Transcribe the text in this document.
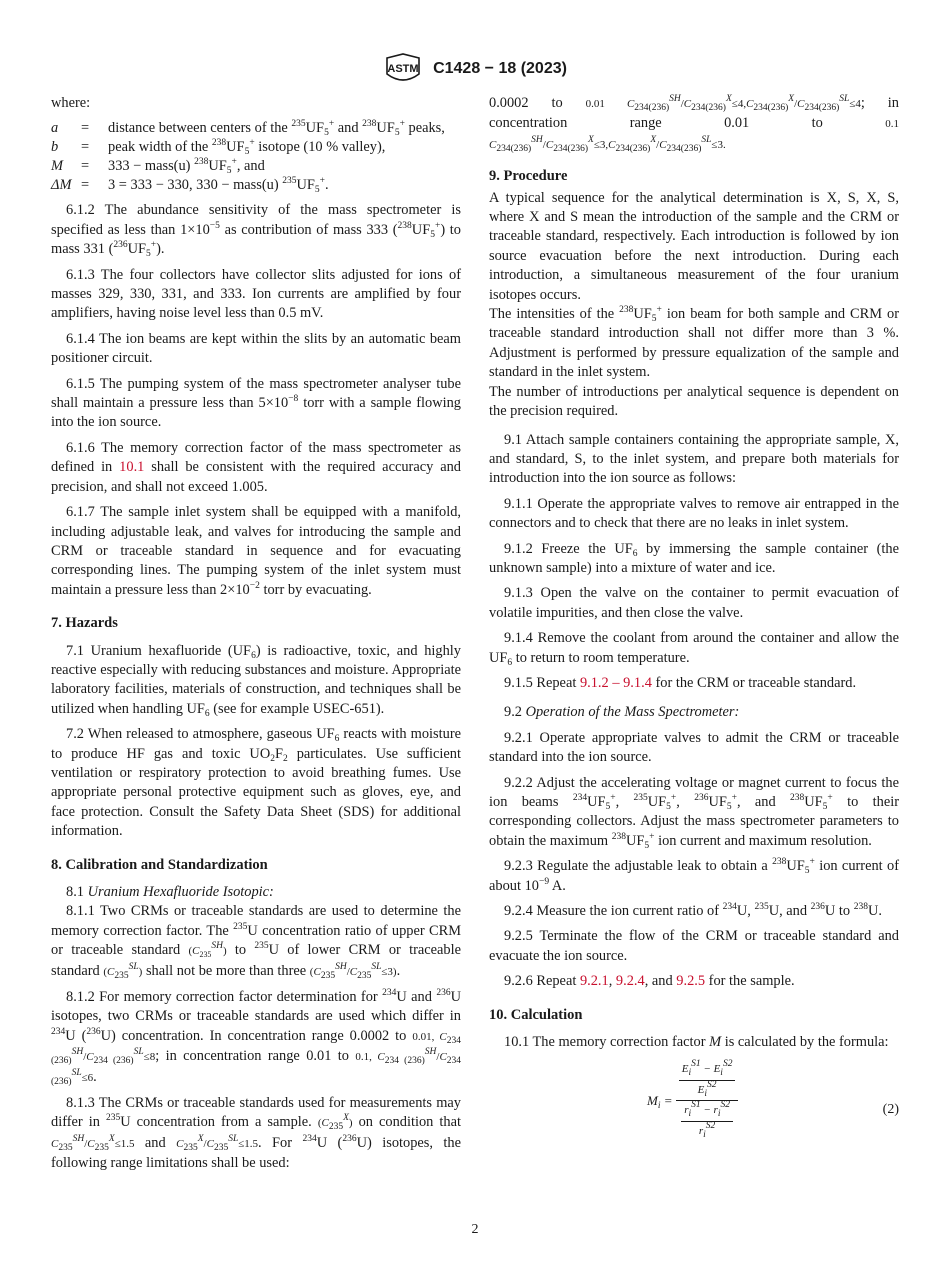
ASTM C1428 − 18 (2023)

where:

a	=	distance between centers of the $^{235}UF_5^+$ and $^{238}UF_5^+$ peaks,
b	=	peak width of the $^{238}UF_5^+$ isotope (10 % valley),
M	=	333 − mass(u) $^{238}UF_5^+$, and
ΔM	=	3 = 333 − 330, 330 − mass(u) $^{235}UF_5^+$.

6.1.2 The abundance sensitivity of the mass spectrometer is specified as less than $1\times 10^{-5}$ as contribution of mass 333 $(^{238}UF_5^+)$ to mass 331 $(^{236}UF_5^+)$.

6.1.3 The four collectors have collector slits adjusted for ions of masses 329, 330, 331, and 333. Ion currents are amplified by four amplifiers, having noise level less than 0.5 mV.

6.1.4 The ion beams are kept within the slits by an automatic beam positioner circuit.

6.1.5 The pumping system of the mass spectrometer analyser tube shall maintain a pressure less than $5\times 10^{-8}$ torr with a sample flowing into the ion source.

6.1.6 The memory correction factor of the mass spectrometer as defined in 10.1 shall be consistent with the required accuracy and precision, and shall not exceed 1.005.

6.1.7 The sample inlet system shall be equipped with a manifold, including adjustable leak, and valves for introducing the sample and CRM or traceable standard in sequence and for evacuating corresponding lines. The pumping system of the inlet system must maintain a pressure less than $2\times 10^{-2}$ torr by evacuating.

7. Hazards

7.1 Uranium hexafluoride $(UF_6)$ is radioactive, toxic, and highly reactive especially with reducing substances and moisture. Appropriate laboratory facilities, materials of construction, and techniques shall be utilized when handling $UF_6$ (see for example USEC-651).

7.2 When released to atmosphere, gaseous $UF_6$ reacts with moisture to produce HF gas and toxic $UO_2F_2$ particulates. Use sufficient ventilation or respiratory protection to avoid breathing fumes. Use appropriate personal protective equipment such as gloves, eye, and face protection. Consult the Safety Data Sheet (SDS) for additional information.

8. Calibration and Standardization

8.1 Uranium Hexafluoride Isotopic:

8.1.1 Two CRMs or traceable standards are used to determine the memory correction factor. The $^{235}$U concentration ratio of upper CRM or traceable standard $(C_{235}^{SH})$ to $^{235}$U of lower CRM or traceable standard $(C_{235}^{SL})$ shall not be more than three $(C_{235}^{SH}/C_{235}^{SL}\le 3)$.

8.1.2 For memory correction factor determination for $^{234}$U and $^{236}$U isotopes, two CRMs or traceable standards are used which differ in $^{234}$U ($^{236}$U) concentration. In concentration range 0.0002 to 0.01, $C_{234 (236)}^{SH}/C_{234 (236)}^{SL}\le 8$; in concentration range 0.01 to 0.1, $C_{234 (236)}^{SH}/C_{234 (236)}^{SL}\le 6$.

8.1.3 The CRMs or traceable standards used for measurements may differ in $^{235}$U concentration from a sample. $(C_{235}^X)$ on condition that $C_{235}^{SH}/C_{235}^X\le 1.5$ and $C_{235}^X/C_{235}^{SL}\le 1.5$. For $^{234}$U ($^{236}$U) isotopes, the following range limitations shall be used:

0.0002 to 0.01 $C_{234(236)}^{SH}/C_{234(236)}^X\le 4,C_{234(236)}^X/C_{234(236)}^{SL}\le 4$; in concentration range 0.01 to 0.1 $C_{234(236)}^{SH}/C_{234(236)}^X\le 3,C_{234(236)}^X/C_{234(236)}^{SL}\le 3$.

9. Procedure

A typical sequence for the analytical determination is X, S, X, S, where X and S mean the introduction of the sample and the CRM or traceable standard, respectively. Each introduction is followed by ion source evacuation before the next introduction. During each introduction, a simultaneous measurement of the four uranium isotopes occurs.

The intensities of the $^{238}UF_5^+$ ion beam for both sample and CRM or traceable standard introduction shall not differ more than 3 %. Adjustment is performed by pressure equalization of the sample and standard in the inlet system.

The number of introductions per analytical sequence is dependent on the precision required.

9.1 Attach sample containers containing the appropriate sample, X, and standard, S, to the inlet system, and prepare both materials for introduction into the ion source as follows:

9.1.1 Operate the appropriate valves to remove air entrapped in the connectors and to check that there are no leaks in inlet system.

9.1.2 Freeze the $UF_6$ by immersing the sample container (the unknown sample) into a mixture of water and ice.

9.1.3 Open the valve on the container to permit evacuation of volatile impurities, and then close the valve.

9.1.4 Remove the coolant from around the container and allow the $UF_6$ to return to room temperature.

9.1.5 Repeat 9.1.2 – 9.1.4 for the CRM or traceable standard.

9.2 Operation of the Mass Spectrometer:

9.2.1 Operate appropriate valves to admit the CRM or traceable standard into the ion source.

9.2.2 Adjust the accelerating voltage or magnet current to focus the ion beams $^{234}UF_5^+$, $^{235}UF_5^+$, $^{236}UF_5^+$, and $^{238}UF_5^+$ to their corresponding collectors. Adjust the mass spectrometer parameters to obtain the maximum $^{238}UF_5^+$ ion current and maximum resolution.

9.2.3 Regulate the adjustable leak to obtain a $^{238}UF_5^+$ ion current of about $10^{-9}$ A.

9.2.4 Measure the ion current ratio of $^{234}$U, $^{235}$U, and $^{236}$U to $^{238}$U.

9.2.5 Terminate the flow of the CRM or traceable standard and evacuate the ion source.

9.2.6 Repeat 9.2.1, 9.2.4, and 9.2.5 for the sample.

10. Calculation

10.1 The memory correction factor M is calculated by the formula:

$M_i = \frac{\frac{E_i^{S1} - E_i^{S2}}{E_i^{S2}}}{\frac{r_i^{S1} - r_i^{S2}}{r_i^{S2}}}$	(2)
2
